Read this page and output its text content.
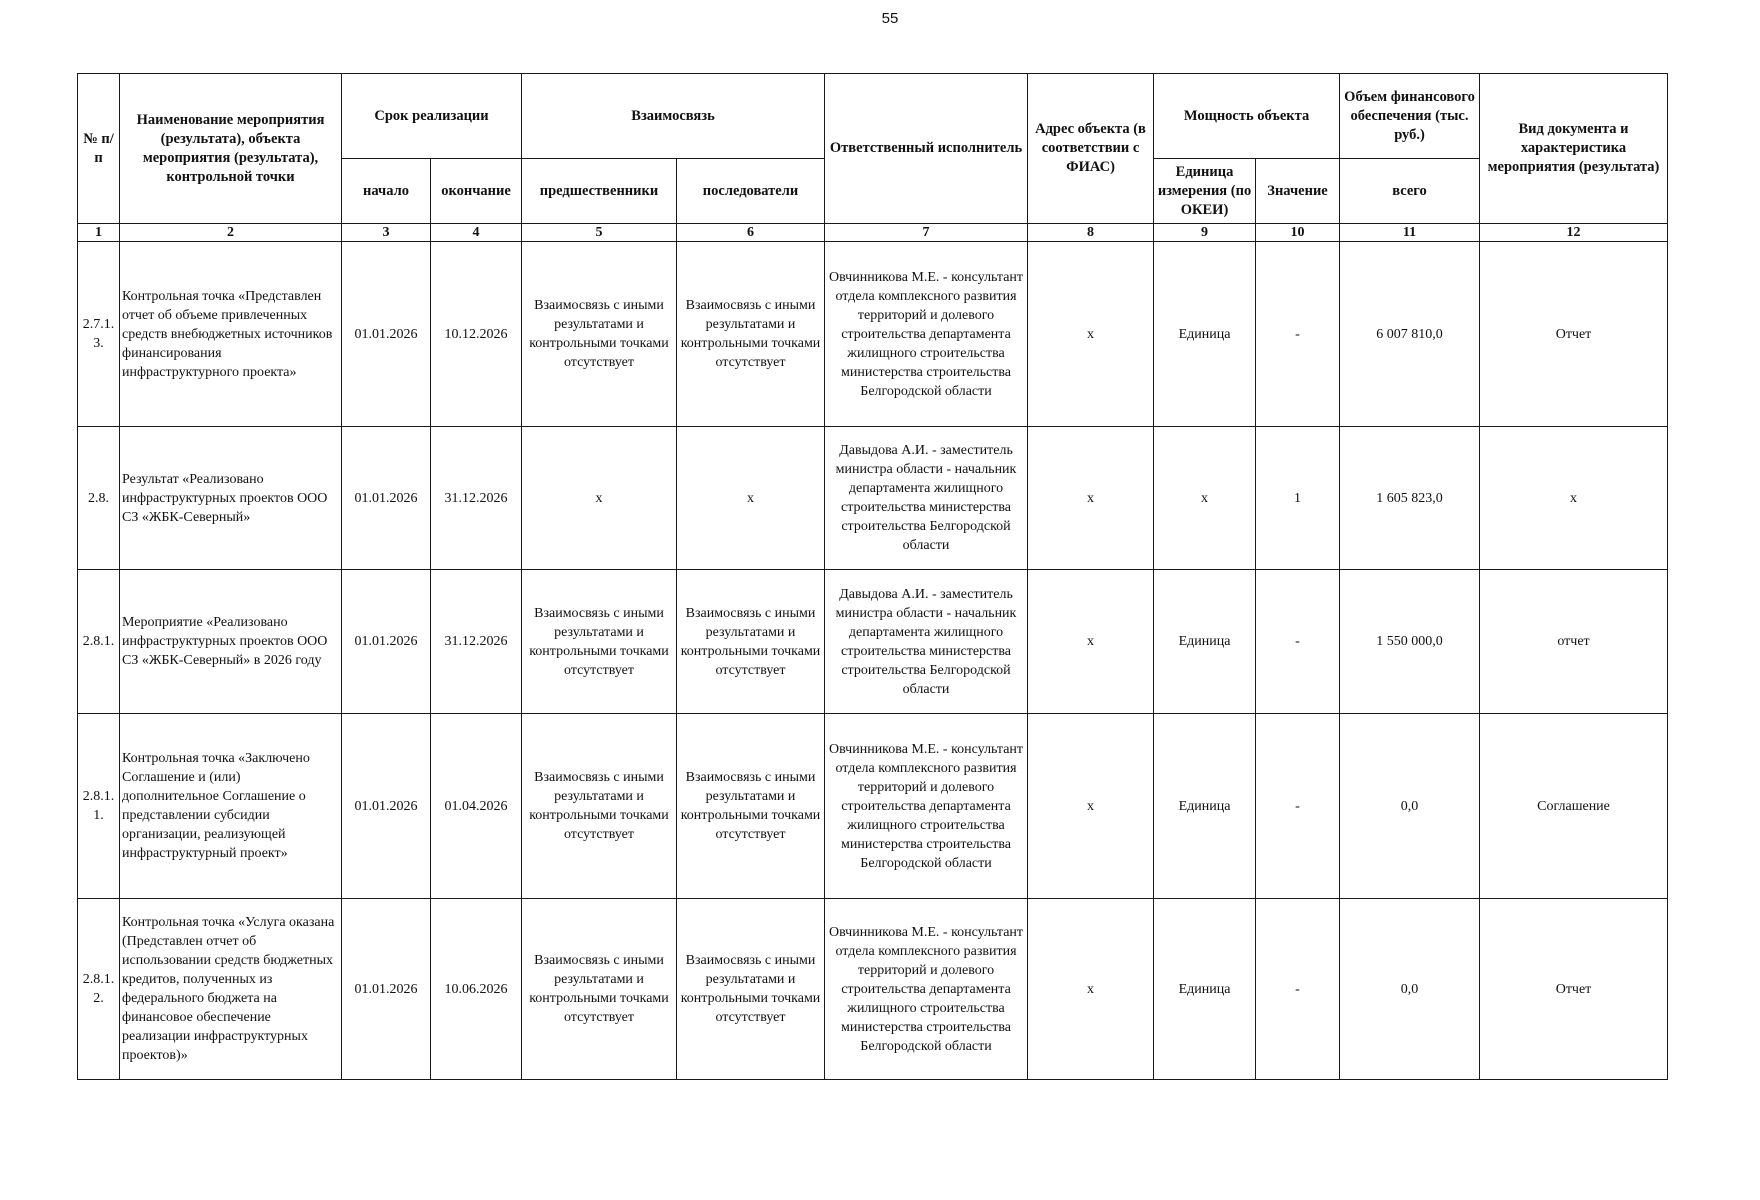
55
№ п/п	Наименование мероприятия (результата), объекта мероприятия (результата), контрольной точки	Срок реализации		Взаимосвязь		Ответственный исполнитель	Адрес объекта (в соответствии с ФИАС)	Мощность объекта		Объем финансового обеспечения (тыс. руб.)	Вид документа и характеристика мероприятия (результата)
		начало	окончание	предшественники	последователи			Единица измерения (по ОКЕИ)	Значение	всего	
1	2	3	4	5	6	7	8	9	10	11	12
2.7.1.3.	Контрольная точка «Представлен отчет об объеме привлеченных средств внебюджетных источников финансирования инфраструктурного проекта»	01.01.2026	10.12.2026	Взаимосвязь с иными результатами и контрольными точками отсутствует	Взаимосвязь с иными результатами и контрольными точками отсутствует	Овчинникова М.Е. - консультант отдела комплексного развития территорий и долевого строительства департамента жилищного строительства министерства строительства Белгородской области	x	Единица	-	6 007 810,0	Отчет
2.8.	Результат «Реализовано инфраструктурных проектов ООО СЗ «ЖБК-Северный»	01.01.2026	31.12.2026	x	x	Давыдова А.И. - заместитель министра области - начальник департамента жилищного строительства министерства строительства Белгородской области	x	x	1	1 605 823,0	x
2.8.1.	Мероприятие «Реализовано инфраструктурных проектов ООО СЗ «ЖБК-Северный» в 2026 году	01.01.2026	31.12.2026	Взаимосвязь с иными результатами и контрольными точками отсутствует	Взаимосвязь с иными результатами и контрольными точками отсутствует	Давыдова А.И. - заместитель министра области - начальник департамента жилищного строительства министерства строительства Белгородской области	x	Единица	-	1 550 000,0	отчет
2.8.1.1.	Контрольная точка «Заключено Соглашение и (или) дополнительное Соглашение о представлении субсидии организации, реализующей инфраструктурный проект»	01.01.2026	01.04.2026	Взаимосвязь с иными результатами и контрольными точками отсутствует	Взаимосвязь с иными результатами и контрольными точками отсутствует	Овчинникова М.Е. - консультант отдела комплексного развития территорий и долевого строительства департамента жилищного строительства министерства строительства Белгородской области	x	Единица	-	0,0	Соглашение
2.8.1.2.	Контрольная точка «Услуга оказана (Представлен отчет об использовании средств бюджетных кредитов, полученных из федерального бюджета на финансовое обеспечение реализации инфраструктурных проектов)»	01.01.2026	10.06.2026	Взаимосвязь с иными результатами и контрольными точками отсутствует	Взаимосвязь с иными результатами и контрольными точками отсутствует	Овчинникова М.Е. - консультант отдела комплексного развития территорий и долевого строительства департамента жилищного строительства министерства строительства Белгородской области	x	Единица	-	0,0	Отчет
